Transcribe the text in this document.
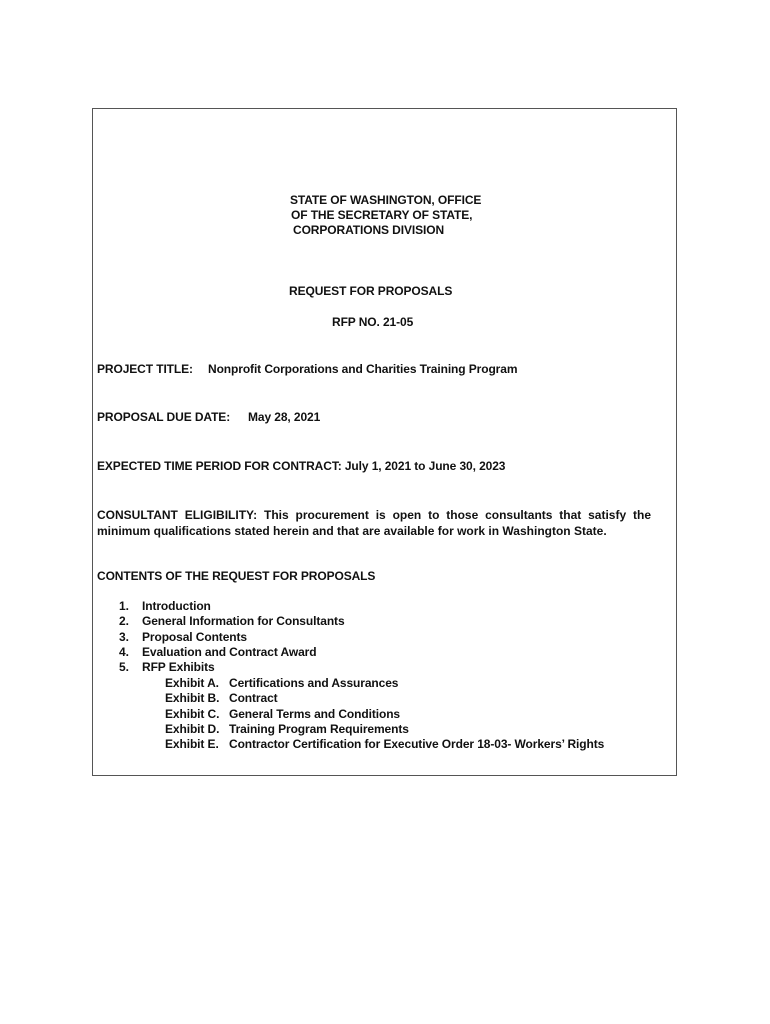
STATE OF WASHINGTON, OFFICE
OF THE SECRETARY OF STATE,
CORPORATIONS DIVISION
REQUEST FOR PROPOSALS
RFP NO. 21-05
PROJECT TITLE: Nonprofit Corporations and Charities Training Program
PROPOSAL DUE DATE: May 28, 2021
EXPECTED TIME PERIOD FOR CONTRACT: July 1, 2021 to June 30, 2023
CONSULTANT ELIGIBILITY: This procurement is open to those consultants that satisfy the minimum qualifications stated herein and that are available for work in Washington State.
CONTENTS OF THE REQUEST FOR PROPOSALS
1. Introduction
2. General Information for Consultants
3. Proposal Contents
4. Evaluation and Contract Award
5. RFP Exhibits
Exhibit A. Certifications and Assurances
Exhibit B. Contract
Exhibit C. General Terms and Conditions
Exhibit D. Training Program Requirements
Exhibit E. Contractor Certification for Executive Order 18-03- Workers’ Rights
